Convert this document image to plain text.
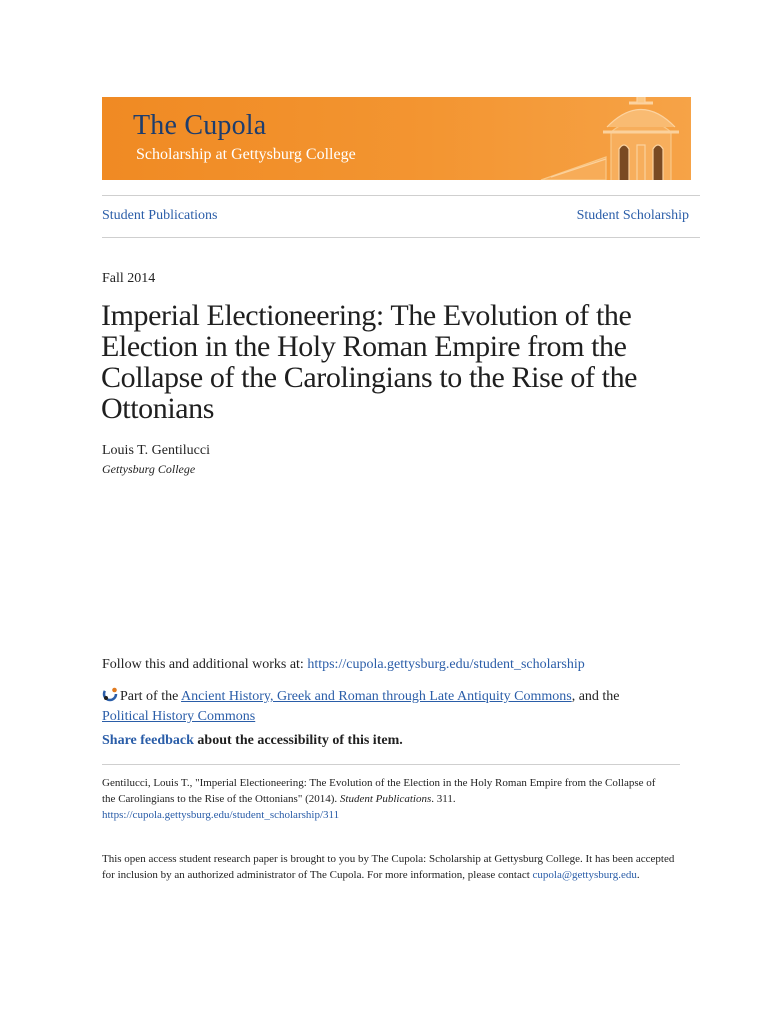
The Cupola
Scholarship at Gettysburg College
Student Publications	Student Scholarship
Fall 2014
Imperial Electioneering: The Evolution of the Election in the Holy Roman Empire from the Collapse of the Carolingians to the Rise of the Ottonians
Louis T. Gentilucci
Gettysburg College
Follow this and additional works at: https://cupola.gettysburg.edu/student_scholarship
Part of the Ancient History, Greek and Roman through Late Antiquity Commons, and the
Political History Commons
Share feedback about the accessibility of this item.
Gentilucci, Louis T., "Imperial Electioneering: The Evolution of the Election in the Holy Roman Empire from the Collapse of the Carolingians to the Rise of the Ottonians" (2014). Student Publications. 311.
https://cupola.gettysburg.edu/student_scholarship/311
This open access student research paper is brought to you by The Cupola: Scholarship at Gettysburg College. It has been accepted for inclusion by an authorized administrator of The Cupola. For more information, please contact cupola@gettysburg.edu.
